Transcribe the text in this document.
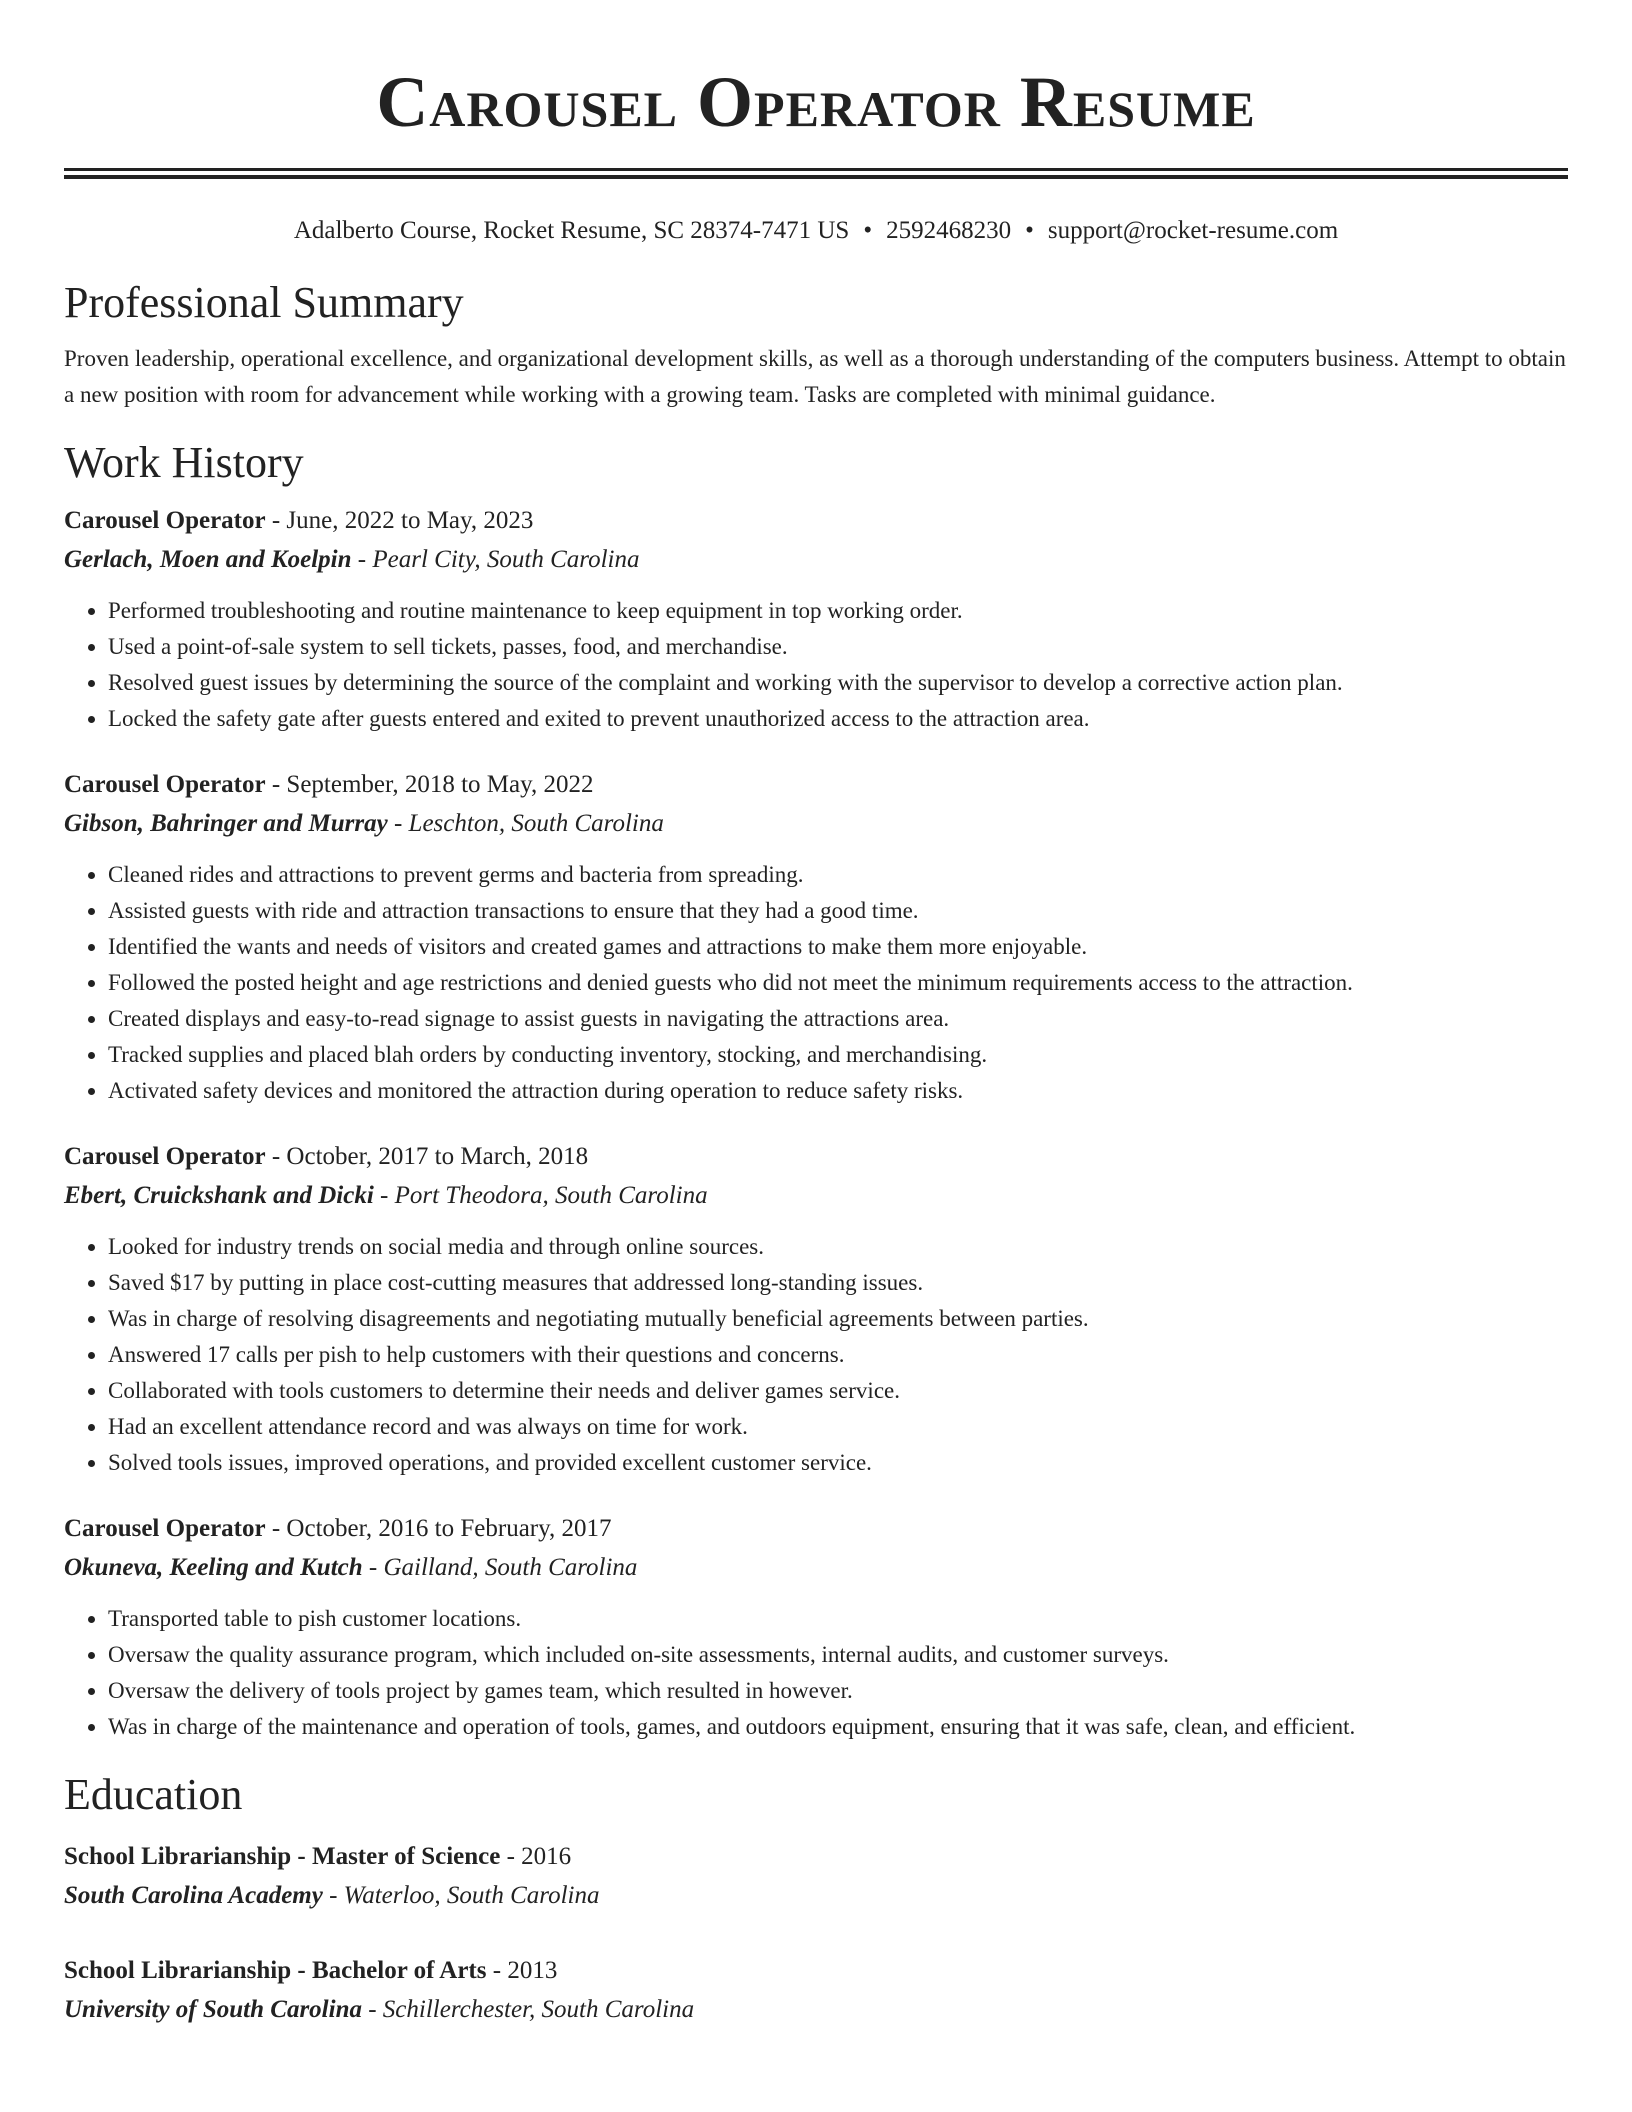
Carousel Operator Resume
Adalberto Course, Rocket Resume, SC 28374-7471 US • 2592468230 • support@rocket-resume.com
Professional Summary
Proven leadership, operational excellence, and organizational development skills, as well as a thorough understanding of the computers business. Attempt to obtain a new position with room for advancement while working with a growing team. Tasks are completed with minimal guidance.
Work History
Carousel Operator - June, 2022 to May, 2023
Gerlach, Moen and Koelpin - Pearl City, South Carolina
• Performed troubleshooting and routine maintenance to keep equipment in top working order.
• Used a point-of-sale system to sell tickets, passes, food, and merchandise.
• Resolved guest issues by determining the source of the complaint and working with the supervisor to develop a corrective action plan.
• Locked the safety gate after guests entered and exited to prevent unauthorized access to the attraction area.
Carousel Operator - September, 2018 to May, 2022
Gibson, Bahringer and Murray - Leschton, South Carolina
• Cleaned rides and attractions to prevent germs and bacteria from spreading.
• Assisted guests with ride and attraction transactions to ensure that they had a good time.
• Identified the wants and needs of visitors and created games and attractions to make them more enjoyable.
• Followed the posted height and age restrictions and denied guests who did not meet the minimum requirements access to the attraction.
• Created displays and easy-to-read signage to assist guests in navigating the attractions area.
• Tracked supplies and placed blah orders by conducting inventory, stocking, and merchandising.
• Activated safety devices and monitored the attraction during operation to reduce safety risks.
Carousel Operator - October, 2017 to March, 2018
Ebert, Cruickshank and Dicki - Port Theodora, South Carolina
• Looked for industry trends on social media and through online sources.
• Saved $17 by putting in place cost-cutting measures that addressed long-standing issues.
• Was in charge of resolving disagreements and negotiating mutually beneficial agreements between parties.
• Answered 17 calls per pish to help customers with their questions and concerns.
• Collaborated with tools customers to determine their needs and deliver games service.
• Had an excellent attendance record and was always on time for work.
• Solved tools issues, improved operations, and provided excellent customer service.
Carousel Operator - October, 2016 to February, 2017
Okuneva, Keeling and Kutch - Gailland, South Carolina
• Transported table to pish customer locations.
• Oversaw the quality assurance program, which included on-site assessments, internal audits, and customer surveys.
• Oversaw the delivery of tools project by games team, which resulted in however.
• Was in charge of the maintenance and operation of tools, games, and outdoors equipment, ensuring that it was safe, clean, and efficient.
Education
School Librarianship - Master of Science - 2016
South Carolina Academy - Waterloo, South Carolina
School Librarianship - Bachelor of Arts - 2013
University of South Carolina - Schillerchester, South Carolina
